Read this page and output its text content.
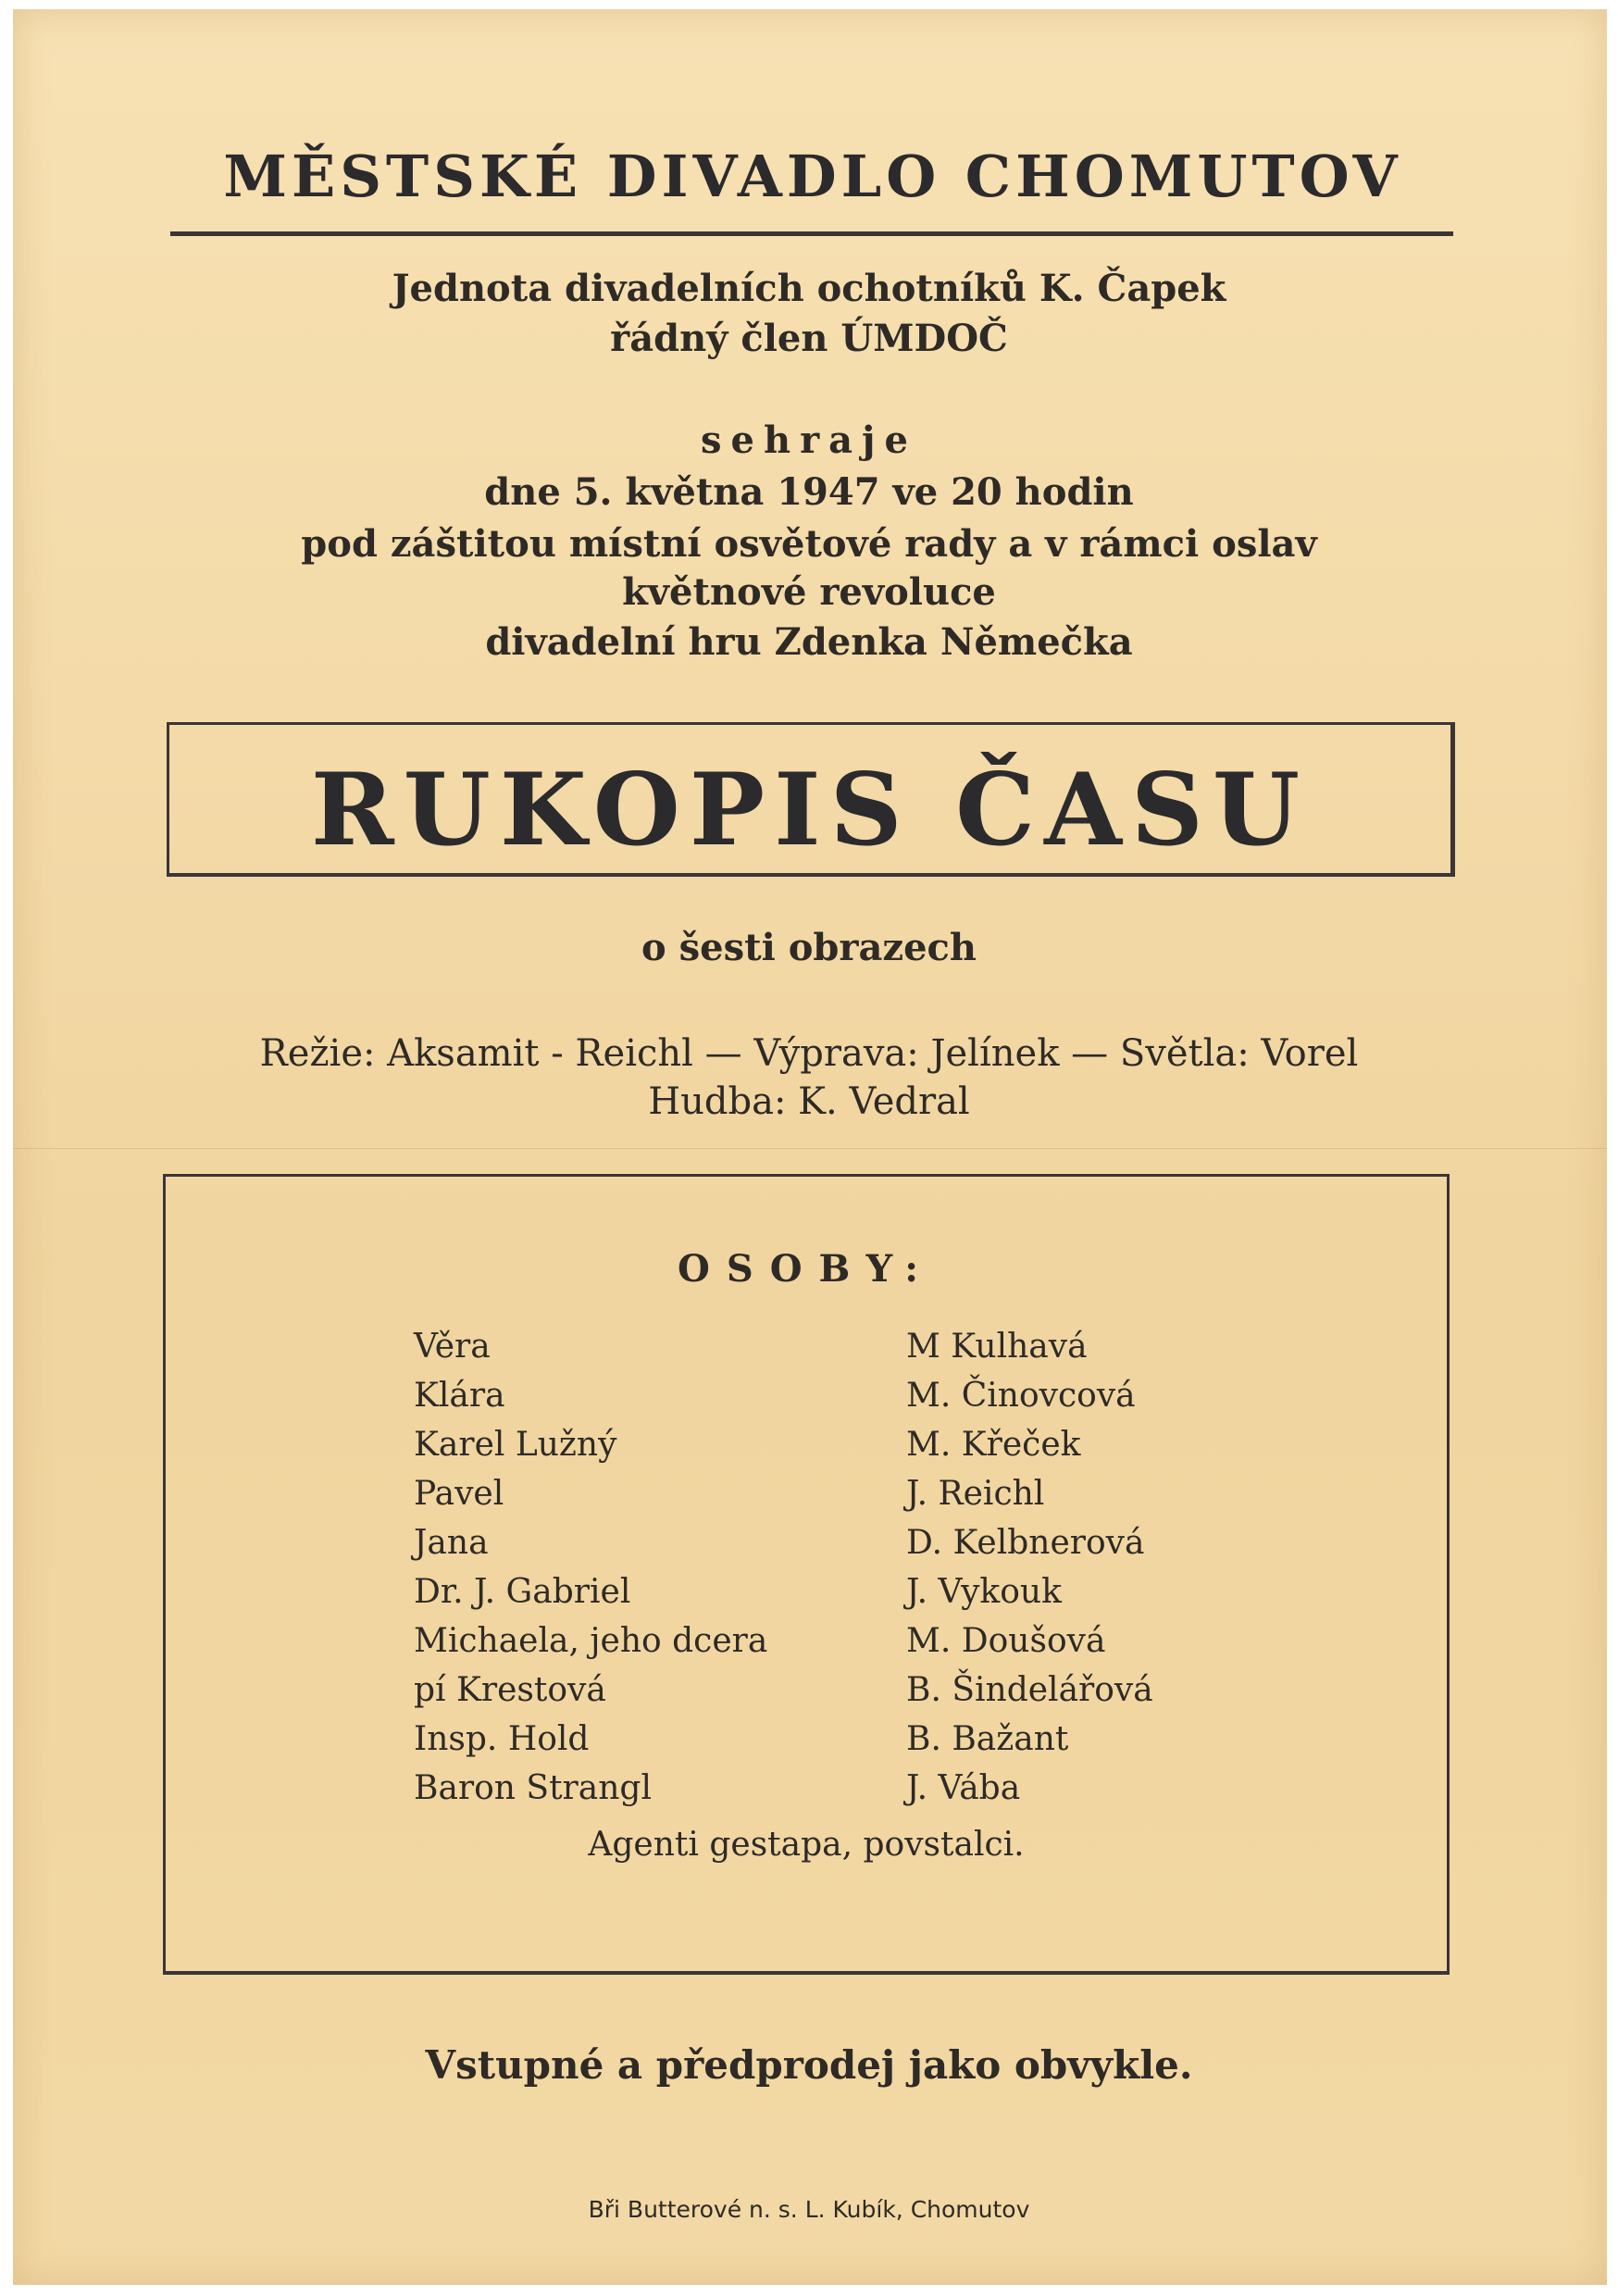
MĚSTSKÉ DIVADLO CHOMUTOV
Jednota divadelních ochotníků K. Čapek
řádný člen ÚMDOČ
sehraje
dne 5. května 1947 ve 20 hodin
pod záštitou místní osvětové rady a v rámci oslav
květnové revoluce
divadelní hru Zdenka Němečka
RUKOPIS ČASU
o šesti obrazech
Režie: Aksamit - Reichl — Výprava: Jelínek — Světla: Vorel
Hudba: K. Vedral
OSOBY:
Věra	M Kulhavá
Klára	M. Činovcová
Karel Lužný	M. Křeček
Pavel	J. Reichl
Jana	D. Kelbnerová
Dr. J. Gabriel	J. Vykouk
Michaela, jeho dcera	M. Doušová
pí Krestová	B. Šindelářová
Insp. Hold	B. Bažant
Baron Strangl	J. Vába
Agenti gestapa, povstalci.
Vstupné a předprodej jako obvykle.
Bři Butterové n. s. L. Kubík, Chomutov
